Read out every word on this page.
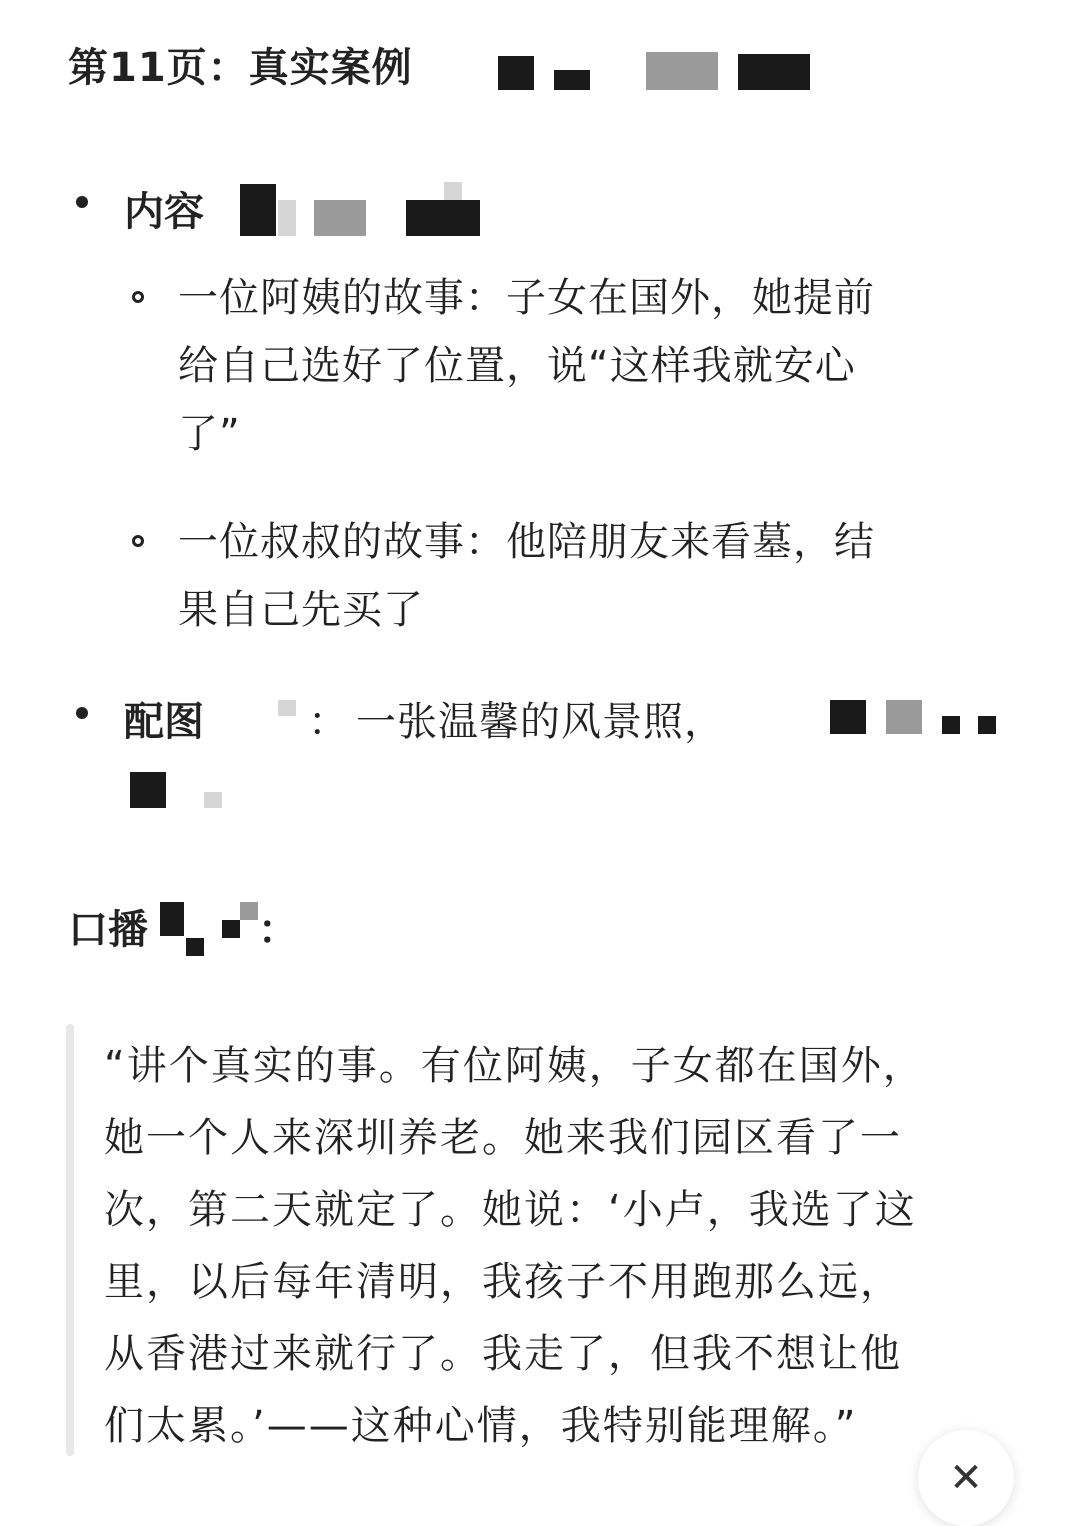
第11页：真实案例
内容
一位阿姨的故事：子女在国外，她提前
给自己选好了位置，说“这样我就安心
了”
一位叔叔的故事：他陪朋友来看墓，结
果自己先买了
配图	： 一张温馨的风景照，
口播	：
“讲个真实的事。有位阿姨，子女都在国外，
她一个人来深圳养老。她来我们园区看了一
次，第二天就定了。她说：‘小卢，我选了这
里，以后每年清明，我孩子不用跑那么远，
从香港过来就行了。我走了，但我不想让他
们太累。’——这种心情，我特别能理解。”
✕
